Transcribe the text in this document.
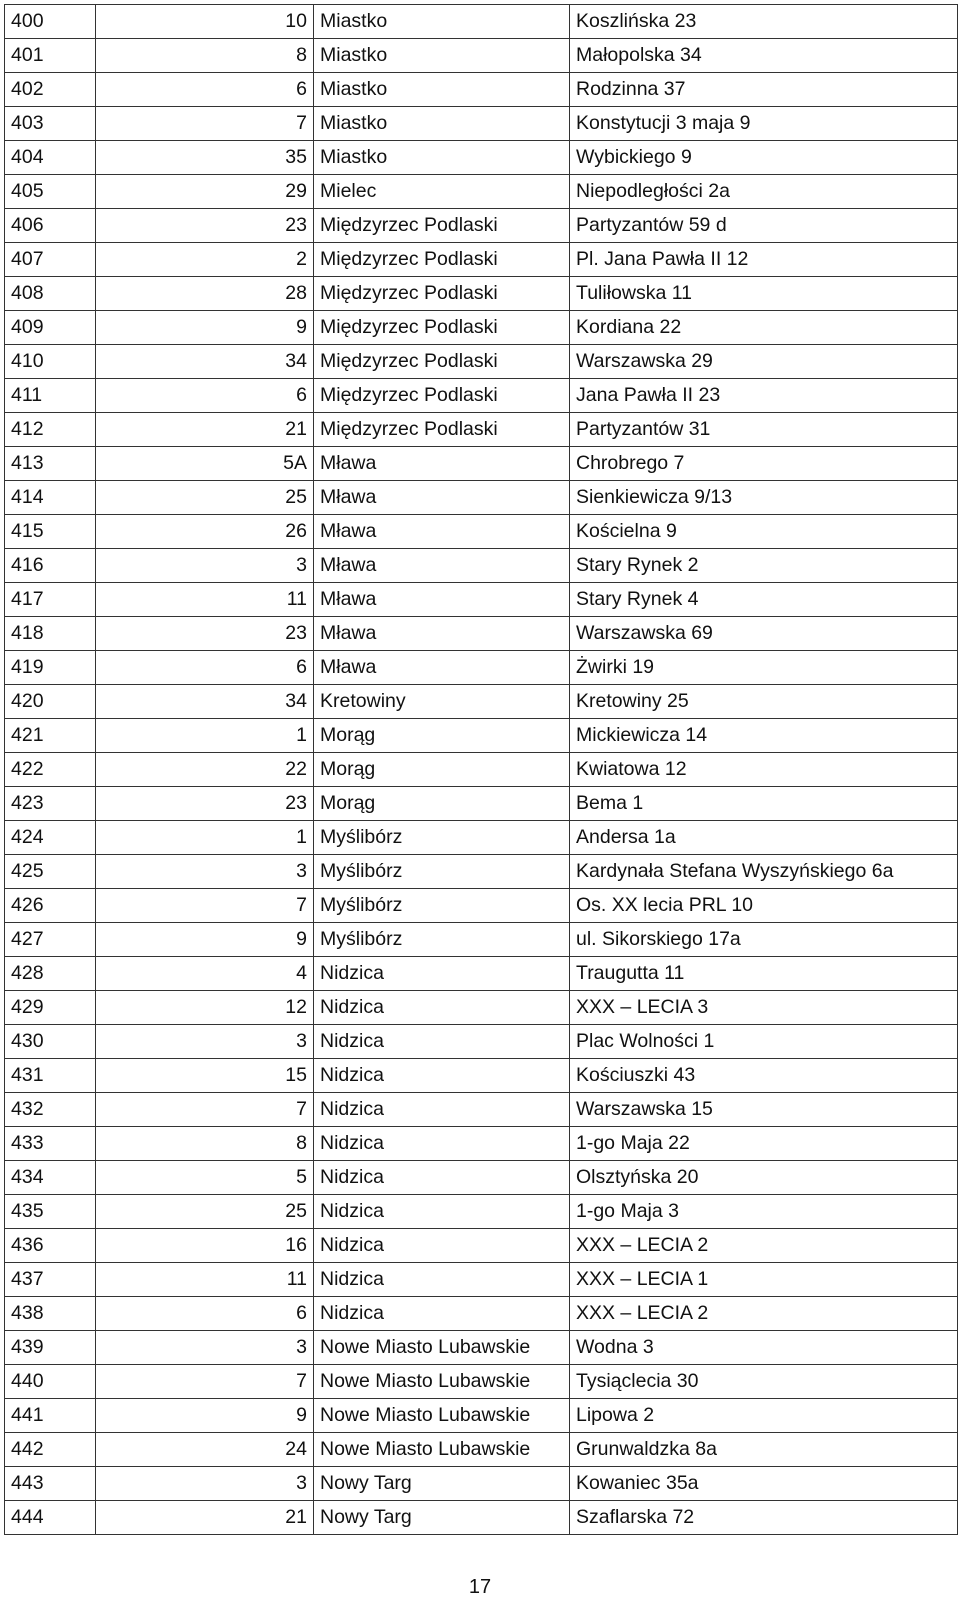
400	10	Miastko	Koszlińska 23
401	8	Miastko	Małopolska 34
402	6	Miastko	Rodzinna 37
403	7	Miastko	Konstytucji 3 maja 9
404	35	Miastko	Wybickiego 9
405	29	Mielec	Niepodległości 2a
406	23	Międzyrzec Podlaski	Partyzantów 59 d
407	2	Międzyrzec Podlaski	Pl. Jana Pawła II 12
408	28	Międzyrzec Podlaski	Tuliłowska 11
409	9	Międzyrzec Podlaski	Kordiana 22
410	34	Międzyrzec Podlaski	Warszawska 29
411	6	Międzyrzec Podlaski	Jana Pawła II 23
412	21	Międzyrzec Podlaski	Partyzantów 31
413	5A	Mława	Chrobrego 7
414	25	Mława	Sienkiewicza 9/13
415	26	Mława	Kościelna 9
416	3	Mława	Stary Rynek 2
417	11	Mława	Stary Rynek 4
418	23	Mława	Warszawska 69
419	6	Mława	Żwirki 19
420	34	Kretowiny	Kretowiny 25
421	1	Morąg	Mickiewicza 14
422	22	Morąg	Kwiatowa 12
423	23	Morąg	Bema 1
424	1	Myślibórz	Andersa 1a
425	3	Myślibórz	Kardynała Stefana Wyszyńskiego 6a
426	7	Myślibórz	Os. XX lecia PRL 10
427	9	Myślibórz	ul. Sikorskiego 17a
428	4	Nidzica	Traugutta 11
429	12	Nidzica	XXX – LECIA 3
430	3	Nidzica	Plac Wolności 1
431	15	Nidzica	Kościuszki 43
432	7	Nidzica	Warszawska 15
433	8	Nidzica	1-go Maja 22
434	5	Nidzica	Olsztyńska 20
435	25	Nidzica	1-go Maja 3
436	16	Nidzica	XXX – LECIA 2
437	11	Nidzica	XXX – LECIA 1
438	6	Nidzica	XXX – LECIA 2
439	3	Nowe Miasto Lubawskie	Wodna 3
440	7	Nowe Miasto Lubawskie	Tysiąclecia 30
441	9	Nowe Miasto Lubawskie	Lipowa 2
442	24	Nowe Miasto Lubawskie	Grunwaldzka 8a
443	3	Nowy Targ	Kowaniec 35a
444	21	Nowy Targ	Szaflarska 72
17
